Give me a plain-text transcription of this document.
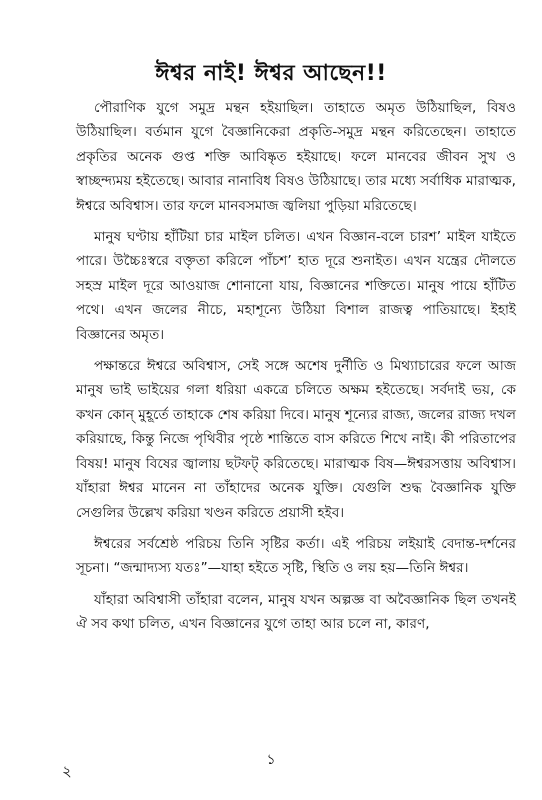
ঈশ্বর নাই! ঈশ্বর আছেন!!

পৌরাণিক যুগে সমুদ্র মন্থন হইয়াছিল। তাহাতে অমৃত উঠিয়াছিল, বিষও উঠিয়াছিল। বর্তমান যুগে বৈজ্ঞানিকেরা প্রকৃতি-সমুদ্র মন্থন করিতেছেন। তাহাতে প্রকৃতির অনেক গুপ্ত শক্তি আবিষ্কৃত হইয়াছে। ফলে মানবের জীবন সুখ ও স্বাচ্ছন্দ্যময় হইতেছে। আবার নানাবিধ বিষও উঠিয়াছে। তার মধ্যে সর্বাধিক মারাত্মক, ঈশ্বরে অবিশ্বাস। তার ফলে মানবসমাজ জ্বলিয়া পুড়িয়া মরিতেছে।

মানুষ ঘণ্টায় হাঁটিয়া চার মাইল চলিত। এখন বিজ্ঞান-বলে চারশ’ মাইল যাইতে পারে। উচ্চৈঃস্বরে বক্তৃতা করিলে পাঁচশ’ হাত দূরে শুনাইত। এখন যন্ত্রের দৌলতে সহস্র মাইল দূরে আওয়াজ শোনানো যায়, বিজ্ঞানের শক্তিতে। মানুষ পায়ে হাঁটিত পথে। এখন জলের নীচে, মহাশূন্যে উঠিয়া বিশাল রাজত্ব পাতিয়াছে। ইহাই বিজ্ঞানের অমৃত।

পক্ষান্তরে ঈশ্বরে অবিশ্বাস, সেই সঙ্গে অশেষ দুর্নীতি ও মিথ্যাচারের ফলে আজ মানুষ ভাই ভাইয়ের গলা ধরিয়া একত্রে চলিতে অক্ষম হইতেছে। সর্বদাই ভয়, কে কখন কোন্ মুহূর্তে তাহাকে শেষ করিয়া দিবে। মানুষ শূন্যের রাজ্য, জলের রাজ্য দখল করিয়াছে, কিন্তু নিজে পৃথিবীর পৃষ্ঠে শান্তিতে বাস করিতে শিখে নাই। কী পরিতাপের বিষয়! মানুষ বিষের জ্বালায় ছটফট্ করিতেছে। মারাত্মক বিষ—ঈশ্বরসত্তায় অবিশ্বাস। যাঁহারা ঈশ্বর মানেন না তাঁহাদের অনেক যুক্তি। যেগুলি শুদ্ধ বৈজ্ঞানিক যুক্তি সেগুলির উল্লেখ করিয়া খণ্ডন করিতে প্রয়াসী হইব।

ঈশ্বরের সর্বশ্রেষ্ঠ পরিচয় তিনি সৃষ্টির কর্তা। এই পরিচয় লইয়াই বেদান্ত-দর্শনের সূচনা। “জন্মাদ্যস্য যতঃ”—যাহা হইতে সৃষ্টি, স্থিতি ও লয় হয়—তিনি ঈশ্বর।

যাঁহারা অবিশ্বাসী তাঁহারা বলেন, মানুষ যখন অল্পজ্ঞ বা অবৈজ্ঞানিক ছিল তখনই ঐ সব কথা চলিত, এখন বিজ্ঞানের যুগে তাহা আর চলে না, কারণ,

১
২
